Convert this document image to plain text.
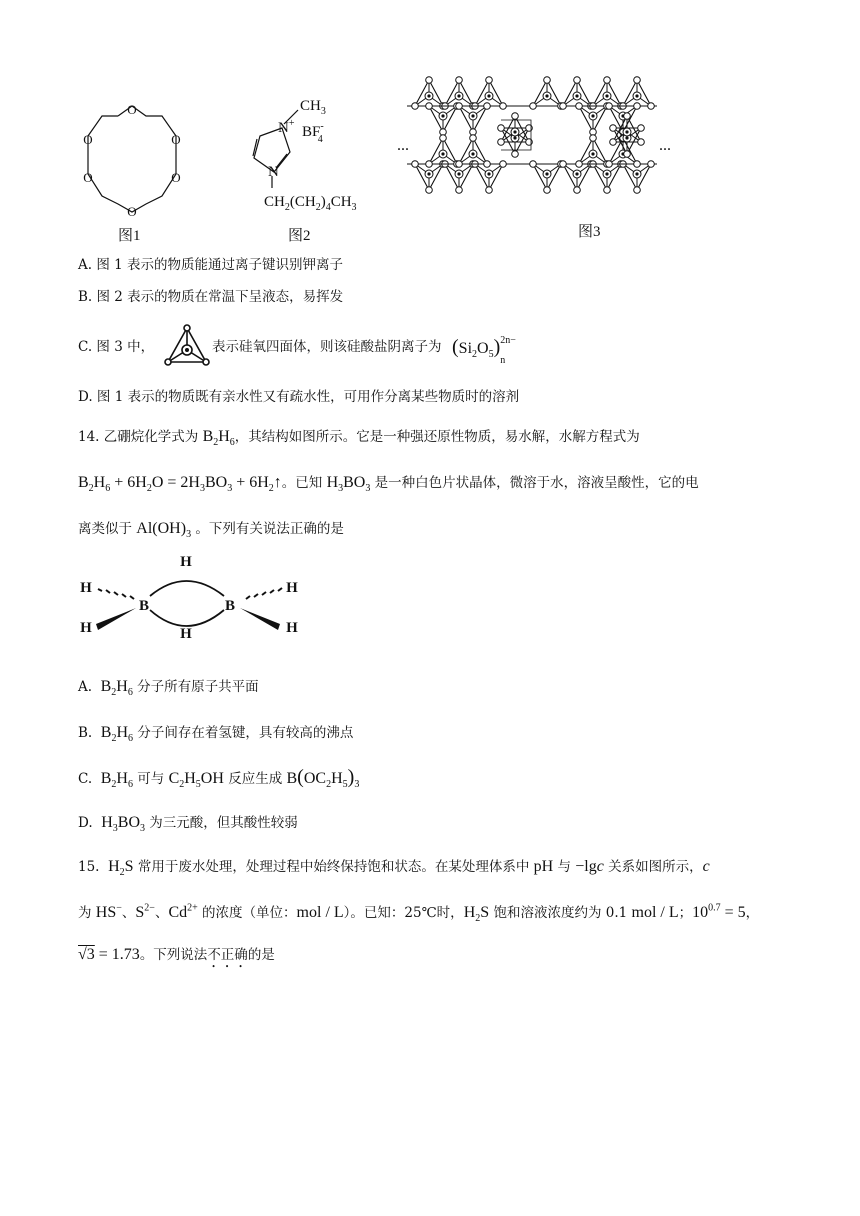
O
O
O
O
O
O
图1
$CH_3$
N+
BF-4
N
$CH_2(CH_2)_4CH_3$
图2
...	...
图3
A. 图 1 表示的物质能通过离子键识别钾离子
B. 图 2 表示的物质在常温下呈液态，易挥发
C. 图 3 中，	表示硅氧四面体，则该硅酸盐阴离子为 $(Si_2O_5)_n^{2n-}$
D. 图 1 表示的物质既有亲水性又有疏水性，可用作分离某些物质时的溶剂
14. 乙硼烷化学式为 $B_2H_6$，其结构如图所示。它是一种强还原性物质，易水解，水解方程式为
$B_2H_6 + 6H_2O = 2H_3BO_3$ + $6H_2↑$。已知 $H_3BO_3$ 是一种白色片状晶体，微溶于水，溶液呈酸性，它的电
离类似于 $Al(OH)_3$ 。下列有关说法正确的是
H
H
B	B
H
H
H
H
A.  $B_2H_6$ 分子所有原子共平面
B.  $B_2H_6$ 分子间存在着氢键，具有较高的沸点
C.  $B_2H_6$ 可与 $C_2H_5OH$ 反应生成 $B(OC_2H_5)_3$
D.  $H_3BO_3$ 为三元酸，但其酸性较弱
15.  $H_2S$ 常用于废水处理，处理过程中始终保持饱和状态。在某处理体系中 pH 与 −lgc 关系如图所示，c
为 HS−、$S^{2-}$、$Cd^{2+}$ 的浓度（单位：mol / L）。已知：25℃时，$H_2S$ 饱和溶液浓度约为 0.1 mol / L；$10^{0.7} = 5$，
√3 = 1.73。下列说法不正确的是
